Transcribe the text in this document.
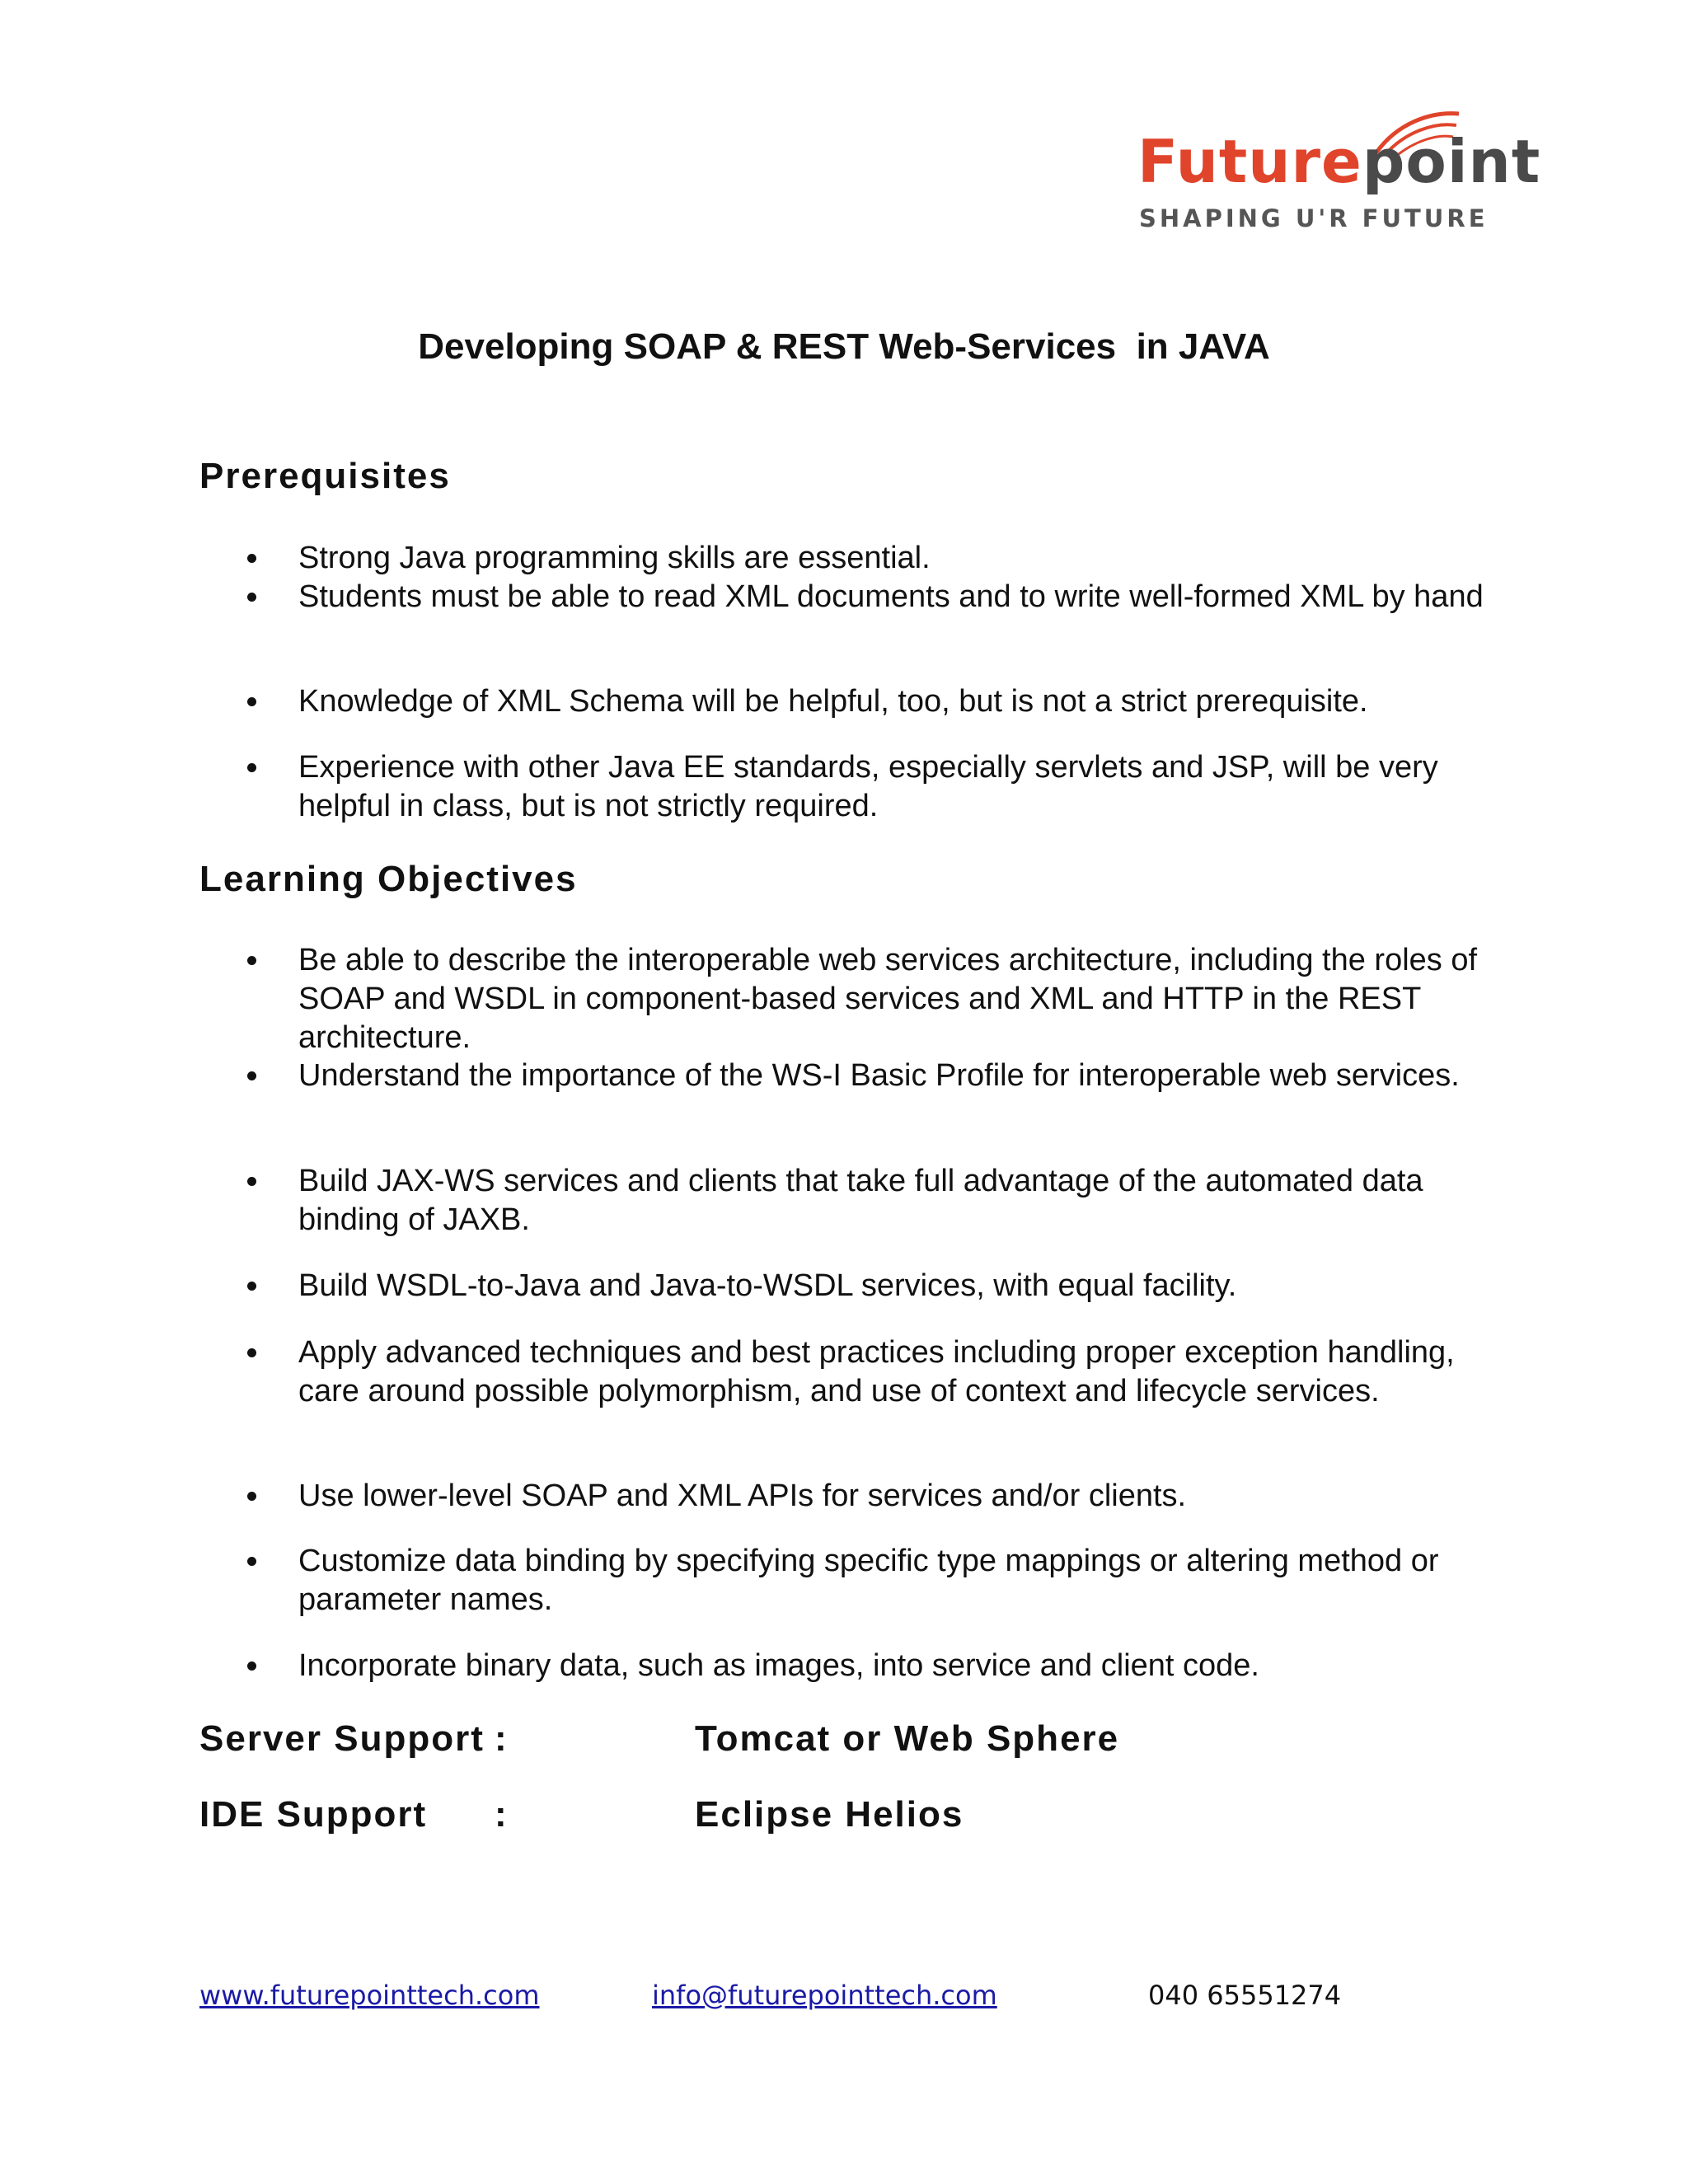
Futurepoint
SHAPING U'R FUTURE
Developing SOAP & REST Web-Services  in JAVA
Prerequisites
Strong Java programming skills are essential.
Students must be able to read XML documents and to write well-formed XML by hand
Knowledge of XML Schema will be helpful, too, but is not a strict prerequisite.
Experience with other Java EE standards, especially servlets and JSP, will be very helpful in class, but is not strictly required.
Learning Objectives
Be able to describe the interoperable web services architecture, including the roles of SOAP and WSDL in component-based services and XML and HTTP in the REST architecture.
Understand the importance of the WS-I Basic Profile for interoperable web services.
Build JAX-WS services and clients that take full advantage of the automated data binding of JAXB.
Build WSDL-to-Java and Java-to-WSDL services, with equal facility.
Apply advanced techniques and best practices including proper exception handling, care around possible polymorphism, and use of context and lifecycle services.
Use lower-level SOAP and XML APIs for services and/or clients.
Customize data binding by specifying specific type mappings or altering method or parameter names.
Incorporate binary data, such as images, into service and client code.
Server Support :	Tomcat or Web Sphere
IDE Support :	Eclipse Helios
www.futurepointtech.com	info@futurepointtech.com	040 65551274
